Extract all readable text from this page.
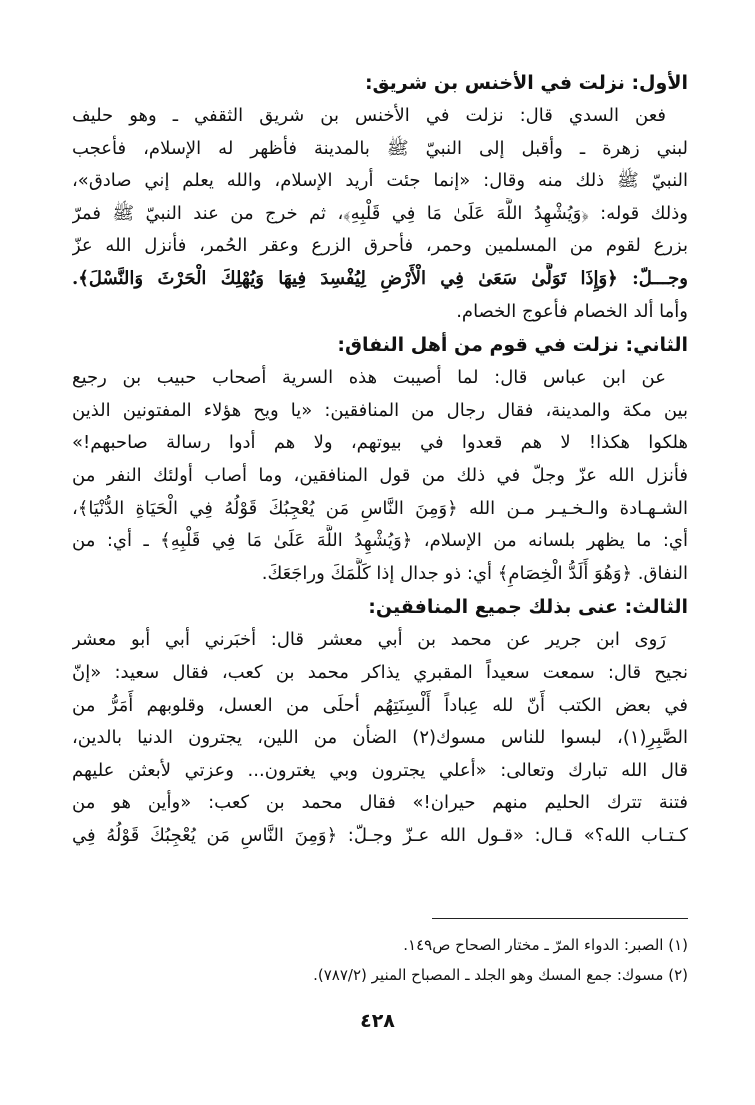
الأول: نزلت في الأخنس بن شريق:
فعن السدي قال: نزلت في الأخنس بن شريق الثقفي ـ وهو حليف
لبني زهرة ـ وأقبل إلى النبيّ ﷺ بالمدينة فأظهر له الإسلام، فأعجب
النبيّ ﷺ ذلك منه وقال: «إنما جئت أريد الإسلام، والله يعلم إني صادق»،
وذلك قوله: ﴿وَيُشْهِدُ اللَّهَ عَلَىٰ مَا فِي قَلْبِهِ﴾، ثم خرج من عند النبيّ ﷺ فمرّ
بزرع لقوم من المسلمين وحمر، فأحرق الزرع وعقر الحُمر، فأنزل الله عزّ
وجـــلّ: ﴿وَإِذَا تَوَلَّىٰ سَعَىٰ فِي الْأَرْضِ لِيُفْسِدَ فِيهَا وَيُهْلِكَ الْحَرْثَ وَالنَّسْلَ﴾.
وأما ألد الخصام فأعوج الخصام.
الثاني: نزلت في قوم من أهل النفاق:
عن ابن عباس قال: لما أصيبت هذه السرية أصحاب حبيب بن رجيع
بين مكة والمدينة، فقال رجال من المنافقين: «يا ويح هؤلاء المفتونين الذين
هلكوا هكذا! لا هم قعدوا في بيوتهم، ولا هم أدوا رسالة صاحبهم!»
فأنزل الله عزّ وجلّ في ذلك من قول المنافقين، وما أصاب أولئك النفر من
الشـهـادة والـخـيـر مـن الله ﴿وَمِنَ النَّاسِ مَن يُعْجِبُكَ قَوْلُهُ فِي الْحَيَاةِ الدُّنْيَا﴾،
أي: ما يظهر بلسانه من الإسلام، ﴿وَيُشْهِدُ اللَّهَ عَلَىٰ مَا فِي قَلْبِهِ﴾ ـ أي: من
النفاق. ﴿وَهُوَ أَلَدُّ الْخِصَامِ﴾ أي: ذو جدال إذا كَلَّمَكَ وراجَعَكَ.
الثالث: عنى بذلك جميع المنافقين:
رَوى ابن جرير عن محمد بن أبي معشر قال: أخبَرني أبي أبو معشر
نجيح قال: سمعت سعيداً المقبري يذاكر محمد بن كعب، فقال سعيد: «إنّ
في بعض الكتب أَنّ لله عِباداً أَلْسِنَتِهُم أحلَى من العسل، وقلوبهم أَمَرُّ من
الصَّبِرِ(١)، لبسوا للناس مسوك(٢) الضأن من اللين، يجترون الدنيا بالدين،
قال الله تبارك وتعالى: «أعلي يجترون وبي يغترون... وعزتي لأبعثن عليهم
فتنة تترك الحليم منهم حيران!» فقال محمد بن كعب: «وأين هو من
كـتـاب الله؟» قـال: «قـول الله عـزّ وجـلّ: ﴿وَمِنَ النَّاسِ مَن يُعْجِبُكَ قَوْلُهُ فِي
(١) الصبر: الدواء المرّ ـ مختار الصحاح ص١٤٩.
(٢) مسوك: جمع المسك وهو الجلد ـ المصباح المنير (٧٨٧/٢).
٤٢٨
